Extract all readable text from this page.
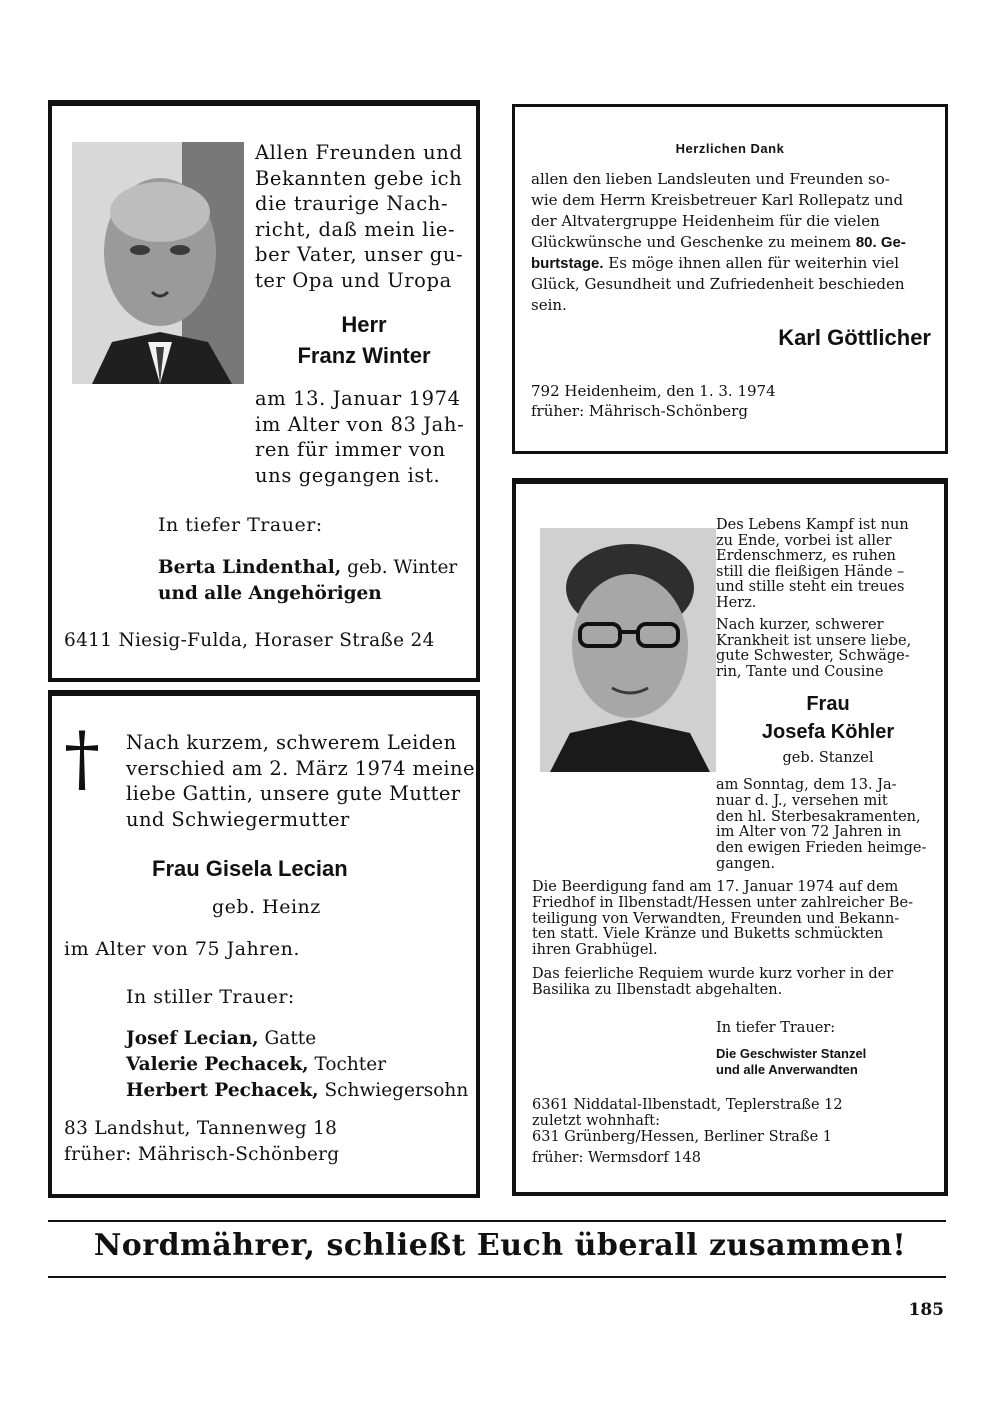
Allen Freunden und
Bekannten gebe ich
die traurige Nach-
richt, daß mein lie-
ber Vater, unser gu-
ter Opa und Uropa
Herr
Franz Winter
am 13. Januar 1974
im Alter von 83 Jah-
ren für immer von
uns gegangen ist.
In tiefer Trauer:
Berta Lindenthal, geb. Winter
und alle Angehörigen
6411 Niesig-Fulda, Horaser Straße 24
Herzlichen Dank
allen den lieben Landsleuten und Freunden so-
wie dem Herrn Kreisbetreuer Karl Rollepatz und
der Altvatergruppe Heidenheim für die vielen
Glückwünsche und Geschenke zu meinem 80. Ge-
burtstage. Es möge ihnen allen für weiterhin viel
Glück, Gesundheit und Zufriedenheit beschieden
sein.
Karl Göttlicher
792 Heidenheim, den 1. 3. 1974
früher: Mährisch-Schönberg
† Nach kurzem, schwerem Leiden
verschied am 2. März 1974 meine
liebe Gattin, unsere gute Mutter
und Schwiegermutter
Frau Gisela Lecian
geb. Heinz
im Alter von 75 Jahren.
In stiller Trauer:
Josef Lecian, Gatte
Valerie Pechacek, Tochter
Herbert Pechacek, Schwiegersohn
83 Landshut, Tannenweg 18
früher: Mährisch-Schönberg
Des Lebens Kampf ist nun
zu Ende, vorbei ist aller
Erdenschmerz, es ruhen
still die fleißigen Hände –
und stille steht ein treues
Herz.
Nach kurzer, schwerer
Krankheit ist unsere liebe,
gute Schwester, Schwäge-
rin, Tante und Cousine
Frau
Josefa Köhler
geb. Stanzel
am Sonntag, dem 13. Ja-
nuar d. J., versehen mit
den hl. Sterbesakramenten,
im Alter von 72 Jahren in
den ewigen Frieden heimge-
gangen.
Die Beerdigung fand am 17. Januar 1974 auf dem
Friedhof in Ilbenstadt/Hessen unter zahlreicher Be-
teiligung von Verwandten, Freunden und Bekann-
ten statt. Viele Kränze und Buketts schmückten
ihren Grabhügel.
Das feierliche Requiem wurde kurz vorher in der
Basilika zu Ilbenstadt abgehalten.
In tiefer Trauer:
Die Geschwister Stanzel
und alle Anverwandten
6361 Niddatal-Ilbenstadt, Teplerstraße 12
zuletzt wohnhaft:
631 Grünberg/Hessen, Berliner Straße 1
früher: Wermsdorf 148
Nordmährer, schließt Euch überall zusammen!
185
